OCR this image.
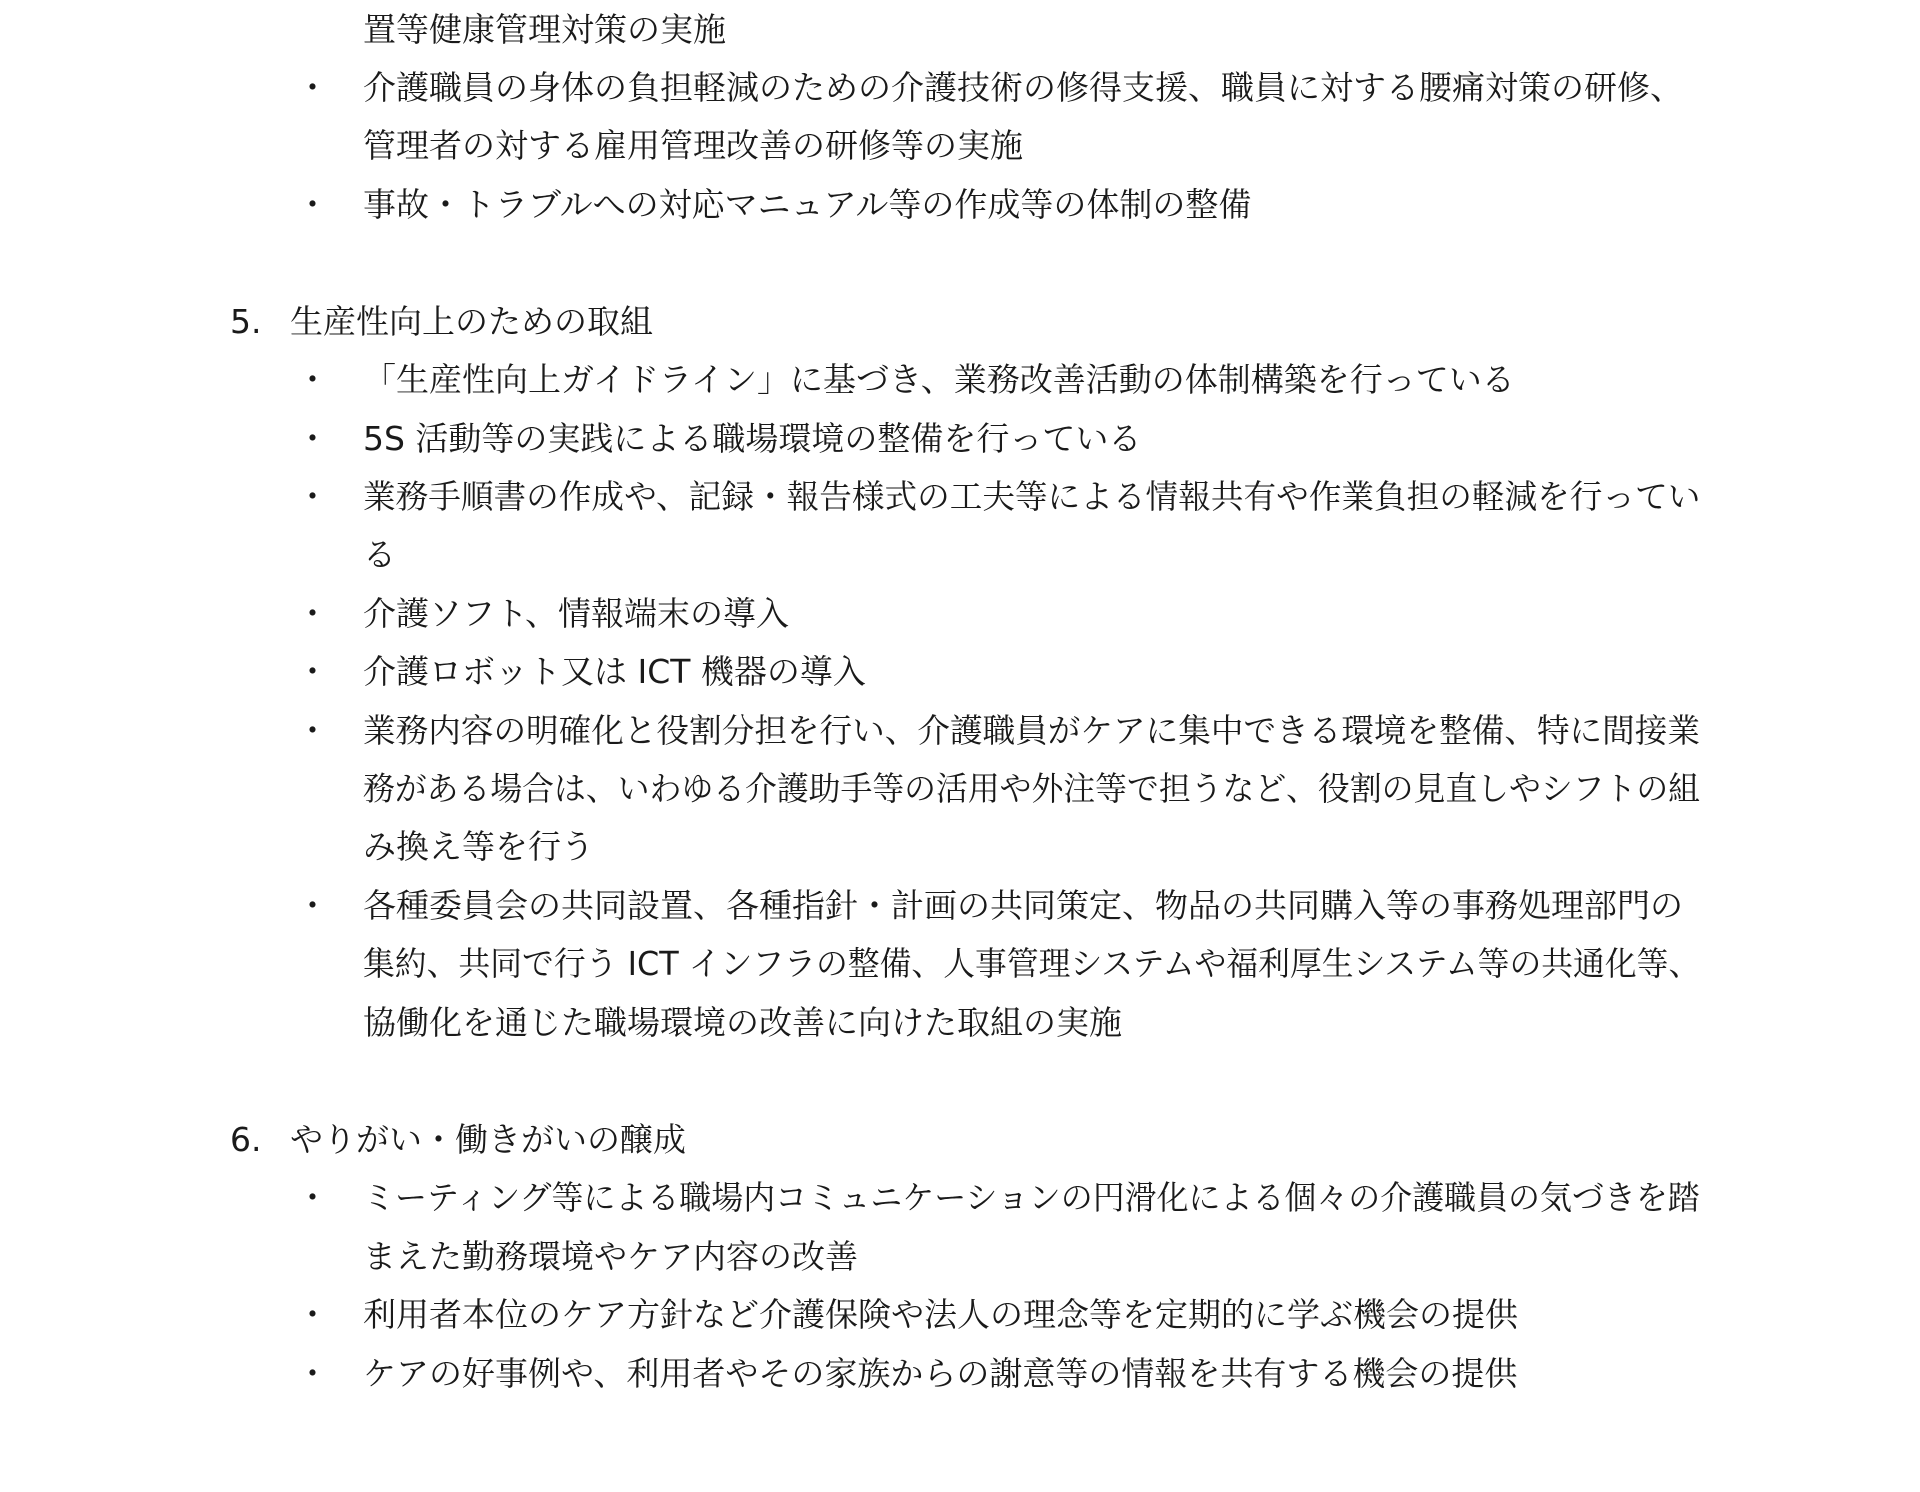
置等健康管理対策の実施
・ 介護職員の身体の負担軽減のための介護技術の修得支援、職員に対する腰痛対策の研修、
管理者の対する雇用管理改善の研修等の実施
・ 事故・トラブルへの対応マニュアル等の作成等の体制の整備
5. 生産性向上のための取組
・ 「生産性向上ガイドライン」に基づき、業務改善活動の体制構築を行っている
・ 5S 活動等の実践による職場環境の整備を行っている
・ 業務手順書の作成や、記録・報告様式の工夫等による情報共有や作業負担の軽減を行ってい
る
・ 介護ソフト、情報端末の導入
・ 介護ロボット又は ICT 機器の導入
・ 業務内容の明確化と役割分担を行い、介護職員がケアに集中できる環境を整備、特に間接業
務がある場合は、いわゆる介護助手等の活用や外注等で担うなど、役割の見直しやシフトの組
み換え等を行う
・ 各種委員会の共同設置、各種指針・計画の共同策定、物品の共同購入等の事務処理部門の
集約、共同で行う ICT インフラの整備、人事管理システムや福利厚生システム等の共通化等、
協働化を通じた職場環境の改善に向けた取組の実施
6. やりがい・働きがいの醸成
・ ミーティング等による職場内コミュニケーションの円滑化による個々の介護職員の気づきを踏
まえた勤務環境やケア内容の改善
・ 利用者本位のケア方針など介護保険や法人の理念等を定期的に学ぶ機会の提供
・ ケアの好事例や、利用者やその家族からの謝意等の情報を共有する機会の提供
